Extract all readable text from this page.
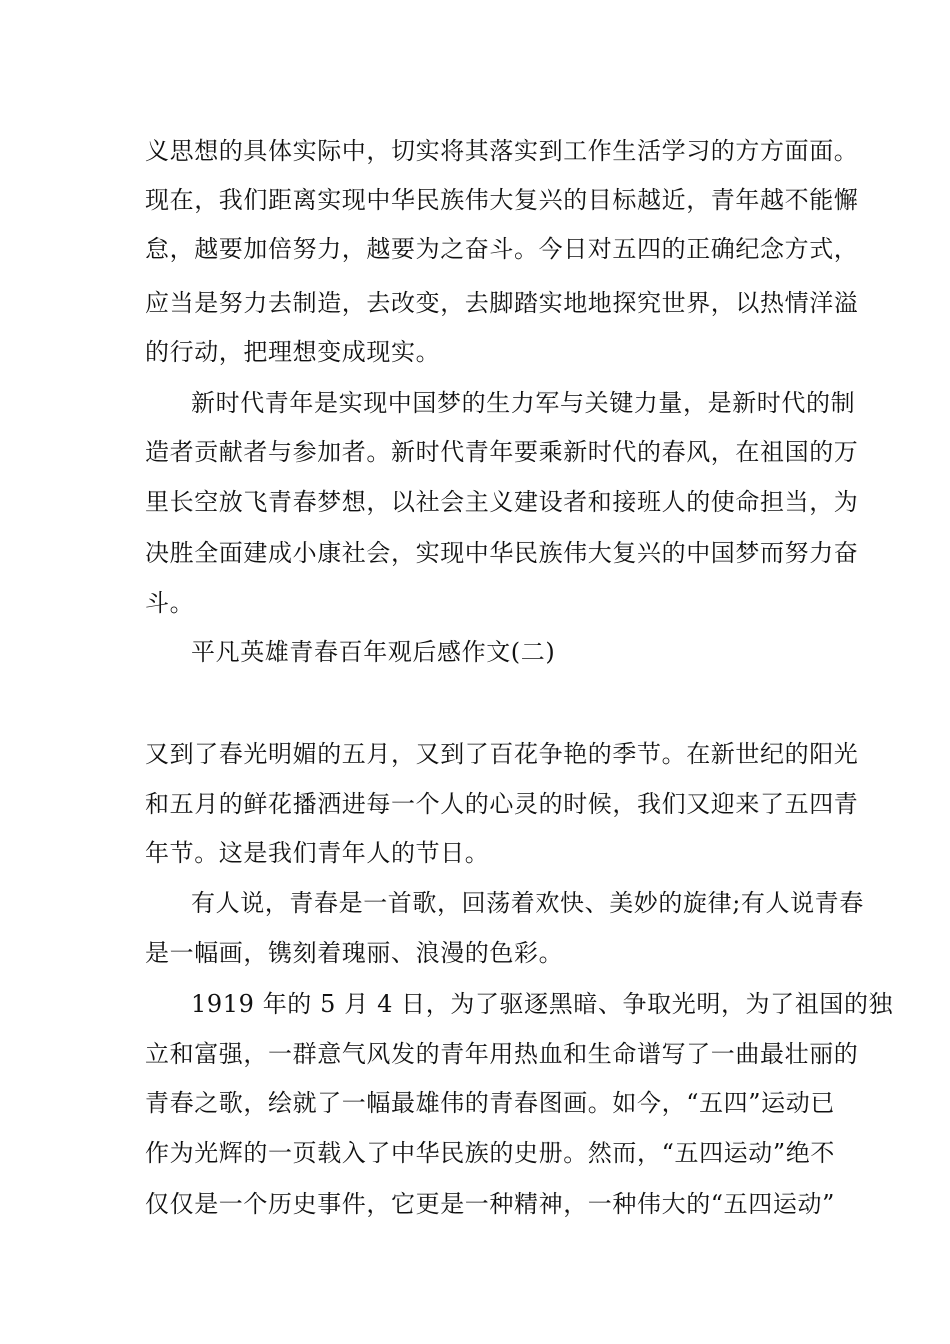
义思想的具体实际中，切实将其落实到工作生活学习的方方面面。
现在，我们距离实现中华民族伟大复兴的目标越近，青年越不能懈
怠，越要加倍努力，越要为之奋斗。今日对五四的正确纪念方式，
应当是努力去制造，去改变，去脚踏实地地探究世界，以热情洋溢
的行动，把理想变成现实。
新时代青年是实现中国梦的生力军与关键力量，是新时代的制
造者贡献者与参加者。新时代青年要乘新时代的春风，在祖国的万
里长空放飞青春梦想，以社会主义建设者和接班人的使命担当，为
决胜全面建成小康社会，实现中华民族伟大复兴的中国梦而努力奋
斗。
平凡英雄青春百年观后感作文(二)
又到了春光明媚的五月，又到了百花争艳的季节。在新世纪的阳光
和五月的鲜花播洒进每一个人的心灵的时候，我们又迎来了五四青
年节。这是我们青年人的节日。
有人说，青春是一首歌，回荡着欢快、美妙的旋律;有人说青春
是一幅画，镌刻着瑰丽、浪漫的色彩。
1919 年的 5 月 4 日，为了驱逐黑暗、争取光明，为了祖国的独
立和富强，一群意气风发的青年用热血和生命谱写了一曲最壮丽的
青春之歌，绘就了一幅最雄伟的青春图画。如今，“五四”运动已
作为光辉的一页载入了中华民族的史册。然而，“五四运动”绝不
仅仅是一个历史事件，它更是一种精神，一种伟大的“五四运动”
